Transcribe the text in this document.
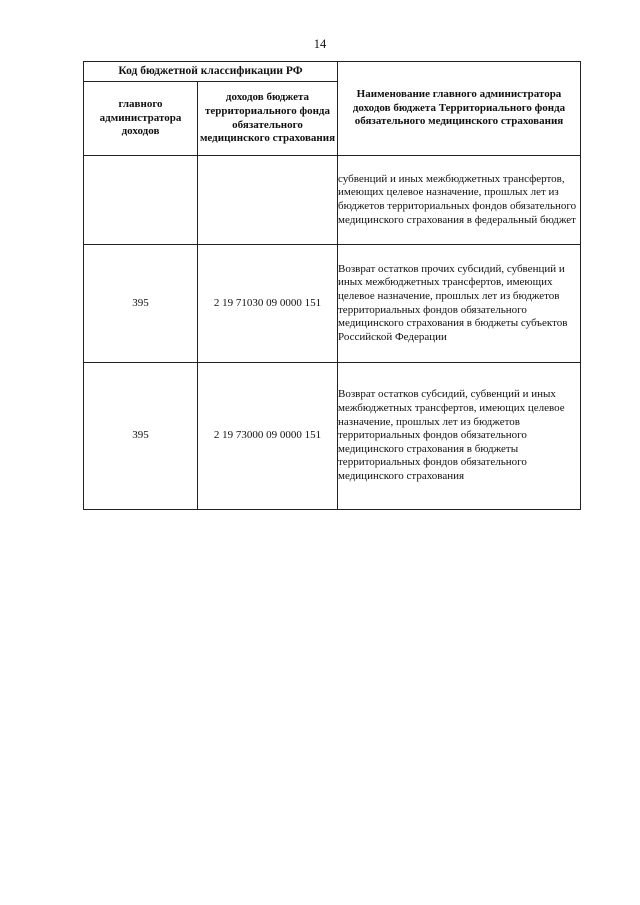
14
Код бюджетной классификации РФ		Наименование главного администратора доходов бюджета Территориального фонда обязательного медицинского страхования
главного администратора доходов	доходов бюджета территориального фонда обязательного медицинского страхования	
		субвенций и иных межбюджетных трансфертов, имеющих целевое назначение, прошлых лет из бюджетов территориальных фондов обязательного медицинского страхования в федеральный бюджет
395	2 19 71030 09 0000 151	Возврат остатков прочих субсидий, субвенций и иных межбюджетных трансфертов, имеющих целевое назначение, прошлых лет из бюджетов территориальных фондов обязательного медицинского страхования в бюджеты субъектов Российской Федерации
395	2 19 73000 09 0000 151	Возврат остатков субсидий, субвенций и иных межбюджетных трансфертов, имеющих целевое назначение, прошлых лет из бюджетов территориальных фондов обязательного медицинского страхования в бюджеты территориальных фондов обязательного медицинского страхования
